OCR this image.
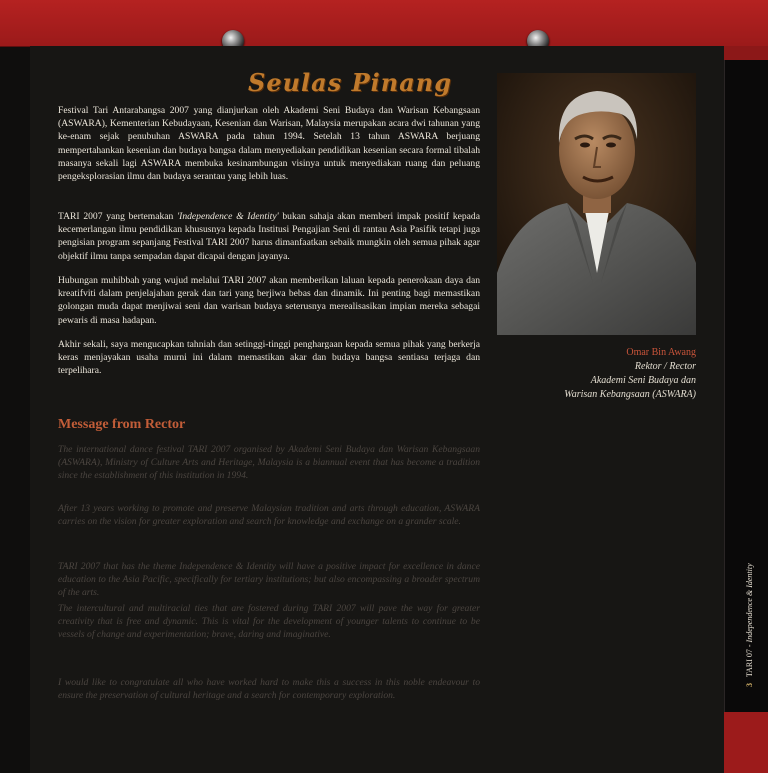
3 TARI 07 - Independence & Identity
Seulas Pinang
Omar Bin Awang
Rektor / Rector
Akademi Seni Budaya dan
Warisan Kebangsaan (ASWARA)

Festival Tari Antarabangsa 2007 yang dianjurkan oleh Akademi Seni Budaya dan Warisan Kebangsaan (ASWARA), Kementerian Kebudayaan, Kesenian dan Warisan, Malaysia merupakan acara dwi tahunan yang ke-enam sejak penubuhan ASWARA pada tahun 1994. Setelah 13 tahun ASWARA berjuang mempertahankan kesenian dan budaya bangsa dalam menyediakan pendidikan kesenian secara formal tibalah masanya sekali lagi ASWARA membuka kesinambungan visinya untuk menyediakan ruang dan peluang pengeksplorasian ilmu dan budaya serantau yang lebih luas.

TARI 2007 yang bertemakan 'Independence & Identity' bukan sahaja akan memberi impak positif kepada kecemerlangan ilmu pendidikan khususnya kepada Institusi Pengajian Seni di rantau Asia Pasifik tetapi juga pengisian program sepanjang Festival TARI 2007 harus dimanfaatkan sebaik mungkin oleh semua pihak agar objektif ilmu tanpa sempadan dapat dicapai dengan jayanya.

Hubungan muhibbah yang wujud melalui TARI 2007 akan memberikan laluan kepada penerokaan daya dan kreatifviti dalam penjelajahan gerak dan tari yang berjiwa bebas dan dinamik. Ini penting bagi memastikan golongan muda dapat menjiwai seni dan warisan budaya seterusnya merealisasikan impian mereka sebagai pewaris di masa hadapan.

Akhir sekali, saya mengucapkan tahniah dan setinggi-tinggi penghargaan kepada semua pihak yang berkerja keras menjayakan usaha murni ini dalam memastikan akar dan budaya bangsa sentiasa terjaga dan terpelihara.

Message from Rector

The international dance festival TARI 2007 organised by Akademi Seni Budaya dan Warisan Kebangsaan (ASWARA), Ministry of Culture Arts and Heritage, Malaysia is a biannual event that has become a tradition since the establishment of this institution in 1994.

After 13 years working to promote and preserve Malaysian tradition and arts through education, ASWARA carries on the vision for greater exploration and search for knowledge and exchange on a grander scale.

TARI 2007 that has the theme Independence & Identity will have a positive impact for excellence in dance education to the Asia Pacific, specifically for tertiary institutions; but also encompassing a broader spectrum of the arts.

The intercultural and multiracial ties that are fostered during TARI 2007 will pave the way for greater creativity that is free and dynamic. This is vital for the development of younger talents to continue to be vessels of change and experimentation; brave, daring and imaginative.

I would like to congratulate all who have worked hard to make this a success in this noble endeavour to ensure the preservation of cultural heritage and a search for contemporary exploration.
